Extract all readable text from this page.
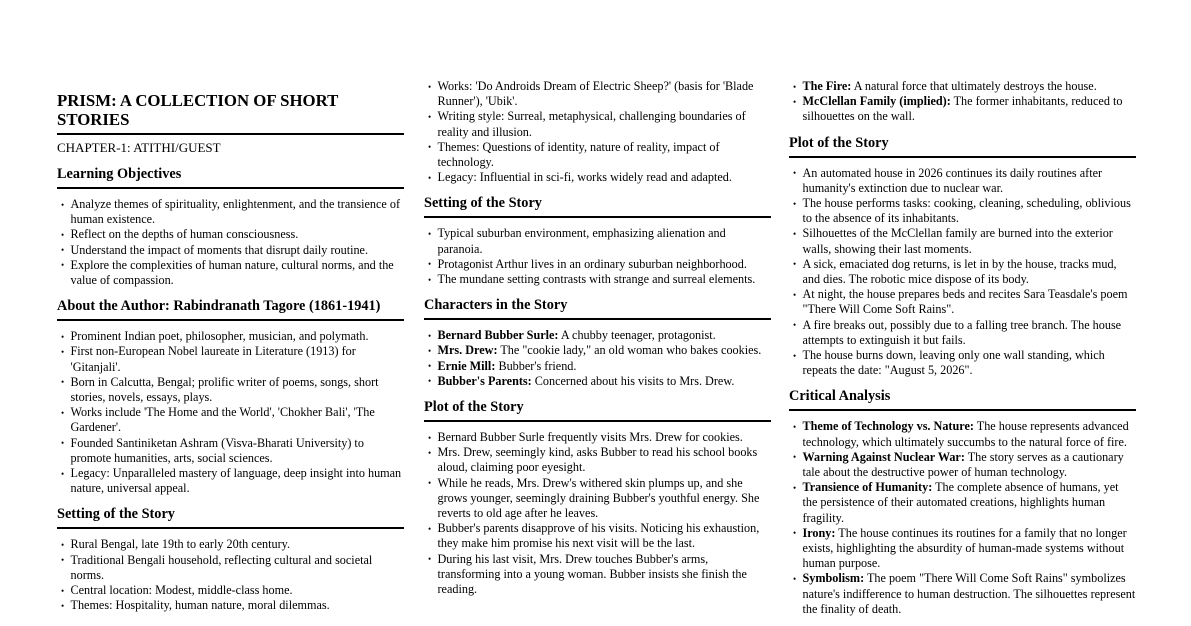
PRISM: A COLLECTION OF SHORT STORIES
CHAPTER-1: ATITHI/GUEST
Learning Objectives
• Analyze themes of spirituality, enlightenment, and the transience of human existence.
• Reflect on the depths of human consciousness.
• Understand the impact of moments that disrupt daily routine.
• Explore the complexities of human nature, cultural norms, and the value of compassion.
About the Author: Rabindranath Tagore (1861-1941)
• Prominent Indian poet, philosopher, musician, and polymath.
• First non-European Nobel laureate in Literature (1913) for 'Gitanjali'.
• Born in Calcutta, Bengal; prolific writer of poems, songs, short stories, novels, essays, plays.
• Works include 'The Home and the World', 'Chokher Bali', 'The Gardener'.
• Founded Santiniketan Ashram (Visva-Bharati University) to promote humanities, arts, social sciences.
• Legacy: Unparalleled mastery of language, deep insight into human nature, universal appeal.
Setting of the Story
• Rural Bengal, late 19th to early 20th century.
• Traditional Bengali household, reflecting cultural and societal norms.
• Central location: Modest, middle-class home.
• Themes: Hospitality, human nature, moral dilemmas.
• Works: 'Do Androids Dream of Electric Sheep?' (basis for 'Blade Runner'), 'Ubik'.
• Writing style: Surreal, metaphysical, challenging boundaries of reality and illusion.
• Themes: Questions of identity, nature of reality, impact of technology.
• Legacy: Influential in sci-fi, works widely read and adapted.
Setting of the Story
• Typical suburban environment, emphasizing alienation and paranoia.
• Protagonist Arthur lives in an ordinary suburban neighborhood.
• The mundane setting contrasts with strange and surreal elements.
Characters in the Story
• Bernard Bubber Surle: A chubby teenager, protagonist.
• Mrs. Drew: The "cookie lady," an old woman who bakes cookies.
• Ernie Mill: Bubber's friend.
• Bubber's Parents: Concerned about his visits to Mrs. Drew.
Plot of the Story
• Bernard Bubber Surle frequently visits Mrs. Drew for cookies.
• Mrs. Drew, seemingly kind, asks Bubber to read his school books aloud, claiming poor eyesight.
• While he reads, Mrs. Drew's withered skin plumps up, and she grows younger, seemingly draining Bubber's youthful energy. She reverts to old age after he leaves.
• Bubber's parents disapprove of his visits. Noticing his exhaustion, they make him promise his next visit will be the last.
• During his last visit, Mrs. Drew touches Bubber's arms, transforming into a young woman. Bubber insists she finish the reading.
• The Fire: A natural force that ultimately destroys the house.
• McClellan Family (implied): The former inhabitants, reduced to silhouettes on the wall.
Plot of the Story
• An automated house in 2026 continues its daily routines after humanity's extinction due to nuclear war.
• The house performs tasks: cooking, cleaning, scheduling, oblivious to the absence of its inhabitants.
• Silhouettes of the McClellan family are burned into the exterior walls, showing their last moments.
• A sick, emaciated dog returns, is let in by the house, tracks mud, and dies. The robotic mice dispose of its body.
• At night, the house prepares beds and recites Sara Teasdale's poem "There Will Come Soft Rains".
• A fire breaks out, possibly due to a falling tree branch. The house attempts to extinguish it but fails.
• The house burns down, leaving only one wall standing, which repeats the date: "August 5, 2026".
Critical Analysis
• Theme of Technology vs. Nature: The house represents advanced technology, which ultimately succumbs to the natural force of fire.
• Warning Against Nuclear War: The story serves as a cautionary tale about the destructive power of human technology.
• Transience of Humanity: The complete absence of humans, yet the persistence of their automated creations, highlights human fragility.
• Irony: The house continues its routines for a family that no longer exists, highlighting the absurdity of human-made systems without human purpose.
• Symbolism: The poem "There Will Come Soft Rains" symbolizes nature's indifference to human destruction. The silhouettes represent the finality of death.
